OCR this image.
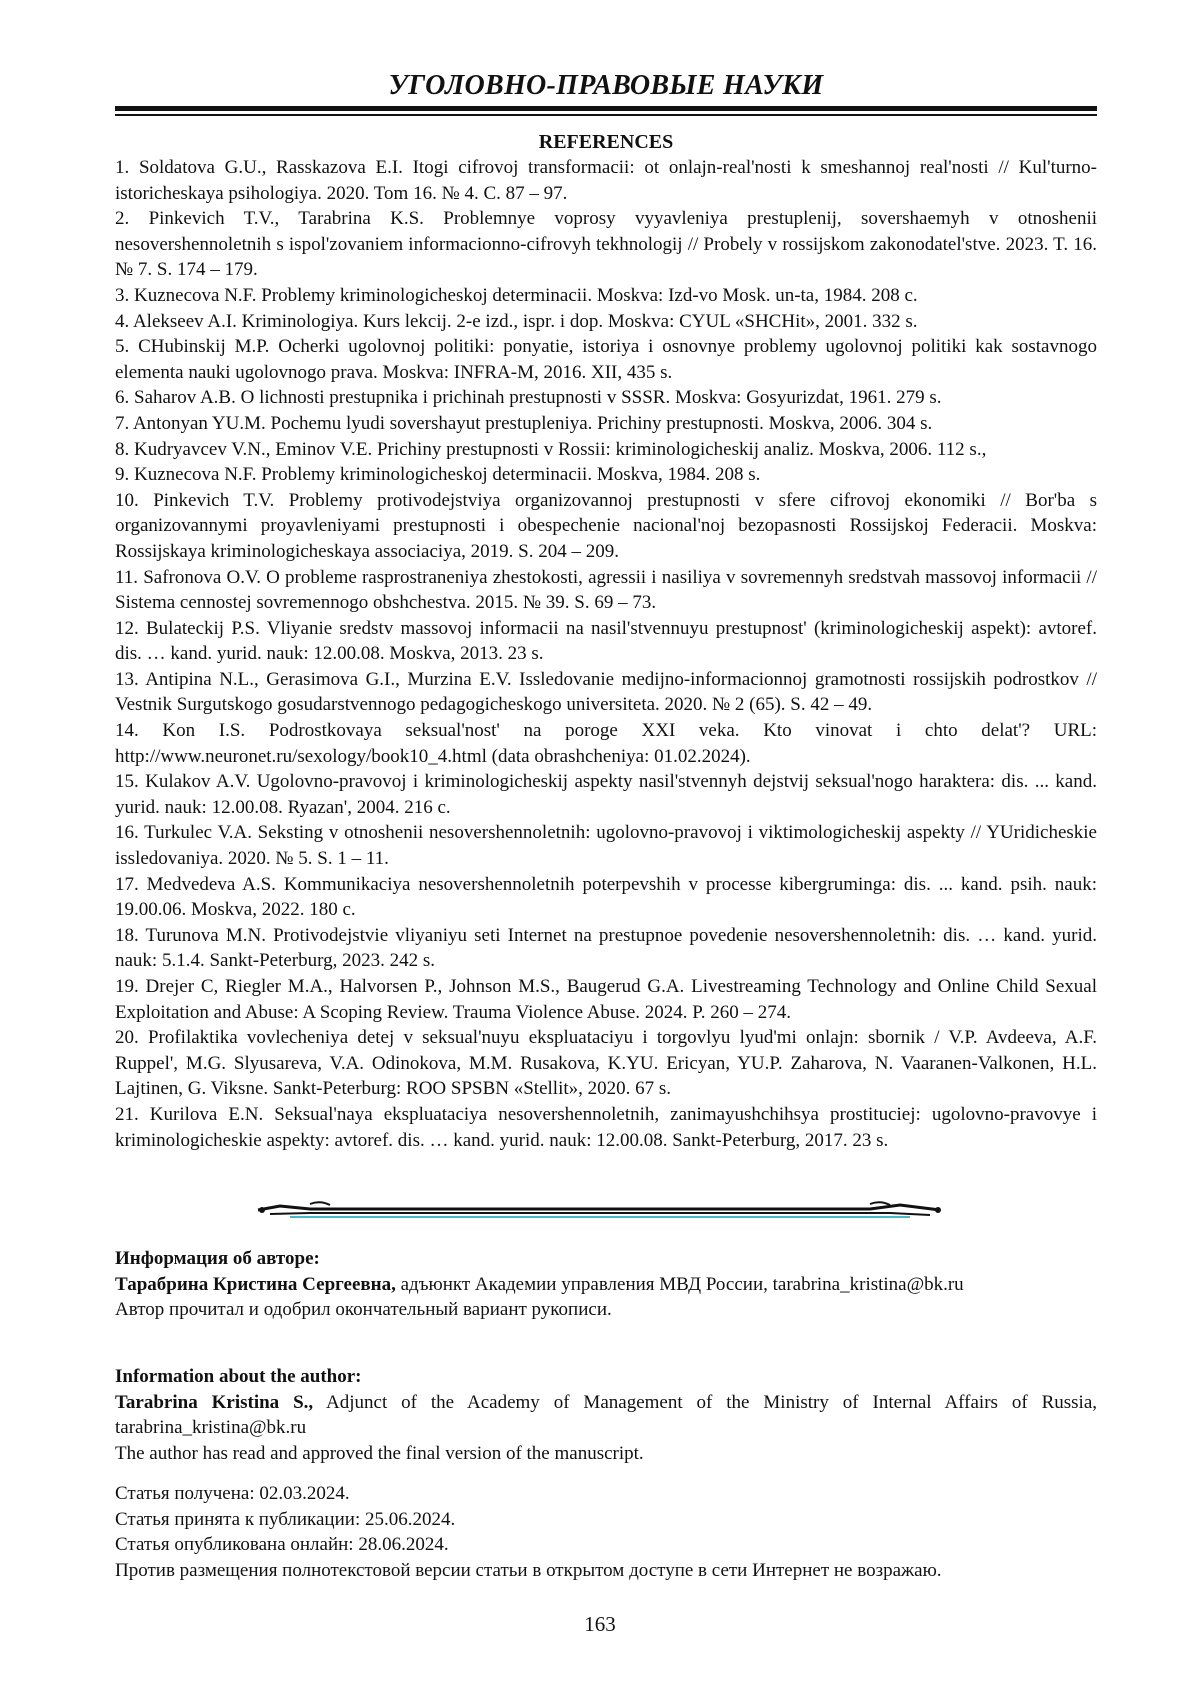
УГОЛОВНО-ПРАВОВЫЕ НАУКИ

REFERENCES

1. Soldatova G.U., Rasskazova E.I. Itogi cifrovoj transformacii: ot onlajn-real'nosti k smeshannoj real'nosti // Kul'turno-istoricheskaya psihologiya. 2020. Tom 16. № 4. C. 87 – 97.

2. Pinkevich T.V., Tarabrina K.S. Problemnye voprosy vyyavleniya prestuplenij, sovershaemyh v otnoshenii nesovershennoletnih s ispol'zovaniem informacionno-cifrovyh tekhnologij // Probely v rossijskom zakonodatel'stve. 2023. T. 16. № 7. S. 174 – 179.

3. Kuznecova N.F. Problemy kriminologicheskoj determinacii. Moskva: Izd-vo Mosk. un-ta, 1984. 208 c.

4. Alekseev A.I. Kriminologiya. Kurs lekcij. 2-e izd., ispr. i dop. Moskva: CYUL «SHCHit», 2001. 332 s.

5. CHubinskij M.P. Ocherki ugolovnoj politiki: ponyatie, istoriya i osnovnye problemy ugolovnoj politiki kak sostavnogo elementa nauki ugolovnogo prava. Moskva: INFRA-M, 2016. XII, 435 s.

6. Saharov A.B. O lichnosti prestupnika i prichinah prestupnosti v SSSR. Moskva: Gosyurizdat, 1961. 279 s.

7. Antonyan YU.M. Pochemu lyudi sovershayut prestupleniya. Prichiny prestupnosti. Moskva, 2006. 304 s.

8. Kudryavcev V.N., Eminov V.E. Prichiny prestupnosti v Rossii: kriminologicheskij analiz. Moskva, 2006. 112 s.,

9. Kuznecova N.F. Problemy kriminologicheskoj determinacii. Moskva, 1984. 208 s.

10. Pinkevich T.V. Problemy protivodejstviya organizovannoj prestupnosti v sfere cifrovoj ekonomiki // Bor'ba s organizovannymi proyavleniyami prestupnosti i obespechenie nacional'noj bezopasnosti Rossijskoj Federacii. Moskva: Rossijskaya kriminologicheskaya associaciya, 2019. S. 204 – 209.

11. Safronova O.V. O probleme rasprostraneniya zhestokosti, agressii i nasiliya v sovremennyh sredstvah massovoj informacii // Sistema cennostej sovremennogo obshchestva. 2015. № 39. S. 69 – 73.

12. Bulateckij P.S. Vliyanie sredstv massovoj informacii na nasil'stvennuyu prestupnost' (kriminologicheskij aspekt): avtoref. dis. … kand. yurid. nauk: 12.00.08. Moskva, 2013. 23 s.

13. Antipina N.L., Gerasimova G.I., Murzina E.V. Issledovanie medijno-informacionnoj gramotnosti rossijskih podrostkov // Vestnik Surgutskogo gosudarstvennogo pedagogicheskogo universiteta. 2020. № 2 (65). S. 42 – 49.

14. Kon I.S. Podrostkovaya seksual'nost' na poroge XXI veka. Kto vinovat i chto delat'? URL: http://www.neuronet.ru/sexology/book10_4.html (data obrashcheniya: 01.02.2024).

15. Kulakov A.V. Ugolovno-pravovoj i kriminologicheskij aspekty nasil'stvennyh dejstvij seksual'nogo haraktera: dis. ... kand. yurid. nauk: 12.00.08. Ryazan', 2004. 216 c.

16. Turkulec V.A. Seksting v otnoshenii nesovershennoletnih: ugolovno-pravovoj i viktimologicheskij aspekty // YUridicheskie issledovaniya. 2020. № 5. S. 1 – 11.

17. Medvedeva A.S. Kommunikaciya nesovershennoletnih poterpevshih v processe kibergruminga: dis. ... kand. psih. nauk: 19.00.06. Moskva, 2022. 180 c.

18. Turunova M.N. Protivodejstvie vliyaniyu seti Internet na prestupnoe povedenie nesovershennoletnih: dis. … kand. yurid. nauk: 5.1.4. Sankt-Peterburg, 2023. 242 s.

19. Drejer C, Riegler M.A., Halvorsen P., Johnson M.S., Baugerud G.A. Livestreaming Technology and Online Child Sexual Exploitation and Abuse: A Scoping Review. Trauma Violence Abuse. 2024. P. 260 – 274.

20. Profilaktika vovlecheniya detej v seksual'nuyu ekspluataciyu i torgovlyu lyud'mi onlajn: sbornik / V.P. Avdeeva, A.F. Ruppel', M.G. Slyusareva, V.A. Odinokova, M.M. Rusakova, K.YU. Ericyan, YU.P. Zaharova, N. Vaaranen-Valkonen, H.L. Lajtinen, G. Viksne. Sankt-Peterburg: ROO SPSBN «Stellit», 2020. 67 s.

21. Kurilova E.N. Seksual'naya ekspluataciya nesovershennoletnih, zanimayushchihsya prostituciej: ugolovno-pravovye i kriminologicheskie aspekty: avtoref. dis. … kand. yurid. nauk: 12.00.08. Sankt-Peterburg, 2017. 23 s.

Информация об авторе:

Тарабрина Кристина Сергеевна, адъюнкт Академии управления МВД России, tarabrina_kristina@bk.ru

Автор прочитал и одобрил окончательный вариант рукописи.

Information about the author:

Tarabrina Kristina S., Adjunct of the Academy of Management of the Ministry of Internal Affairs of Russia, tarabrina_kristina@bk.ru

The author has read and approved the final version of the manuscript.

Статья получена: 02.03.2024.

Статья принята к публикации: 25.06.2024.

Статья опубликована онлайн: 28.06.2024.

Против размещения полнотекстовой версии статьи в открытом доступе в сети Интернет не возражаю.

163
